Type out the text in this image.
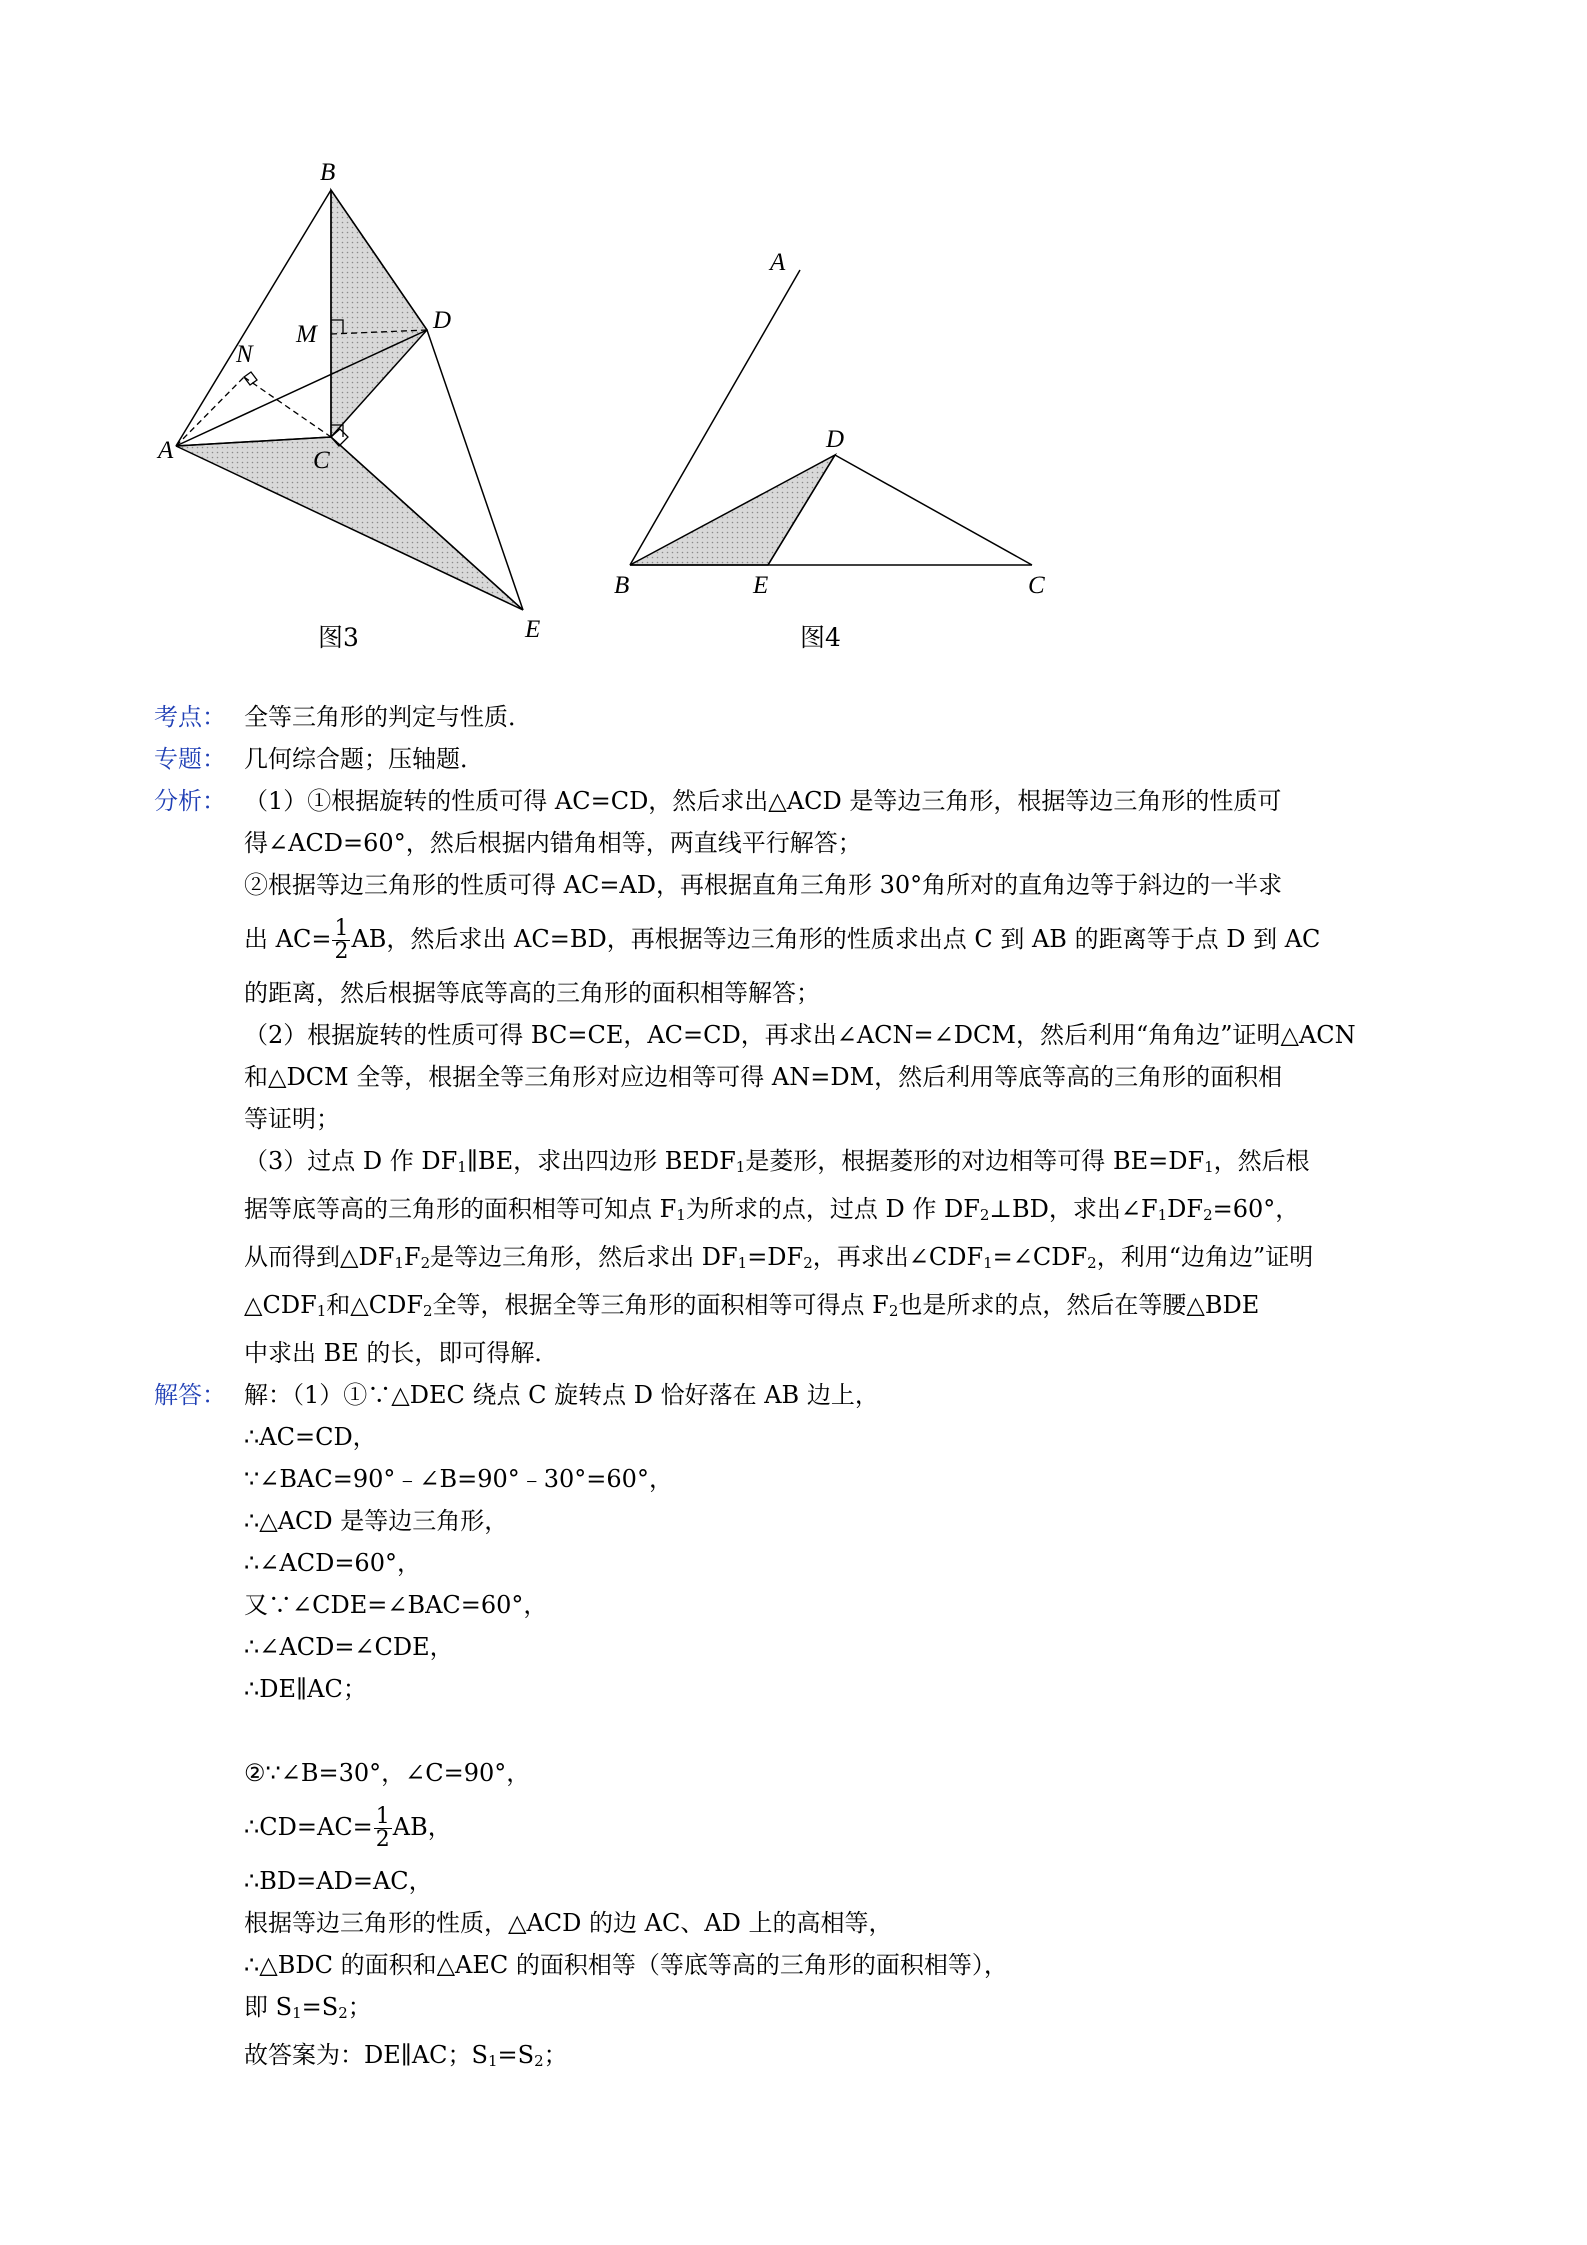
B
D
M
N
A	C
E
图3
A
D
B	E	C
图4
考点： 全等三角形的判定与性质．
专题： 几何综合题；压轴题．
分析： （1）①根据旋转的性质可得 AC=CD，然后求出△ACD 是等边三角形，根据等边三角形的性质可
得∠ACD=60°，然后根据内错角相等，两直线平行解答；
②根据等边三角形的性质可得 AC=AD，再根据直角三角形 30°角所对的直角边等于斜边的一半求
出 $AC= \frac{1}{2}$ AB，然后求出 AC=BD，再根据等边三角形的性质求出点 C 到 AB 的距离等于点 D 到 AC
的距离，然后根据等底等高的三角形的面积相等解答；
（2）根据旋转的性质可得 BC=CE，AC=CD，再求出∠ACN=∠DCM，然后利用“角角边”证明△ACN
和△DCM 全等，根据全等三角形对应边相等可得 AN=DM，然后利用等底等高的三角形的面积相
等证明；
（3）过点 D 作 $DF_1\parallel BE$，求出四边形 $BEDF_1$是菱形，根据菱形的对边相等可得 $BE=DF_1$，然后根
据等底等高的三角形的面积相等可知点 $F_1$为所求的点，过点 D 作 $DF_2\perp BD$，求出$\angle F_1DF_2=60^\circ$，
从而得到$\triangle DF_1F_2$是等边三角形，然后求出 $DF_1=DF_2$，再求出$\angle CDF_1=\angle CDF_2$，利用“边角边”证明
$\triangle CDF_1$和$\triangle CDF_2$全等，根据全等三角形的面积相等可得点 $F_2$也是所求的点，然后在等腰△BDE
中求出 BE 的长，即可得解．
解答： 解：（1）①∵△DEC 绕点 C 旋转点 D 恰好落在 AB 边上，
∴AC=CD，
∵∠BAC=90°﹣∠B=90°﹣30°=60°，
∴△ACD 是等边三角形，
∴∠ACD=60°，
又∵∠CDE=∠BAC=60°，
∴∠ACD=∠CDE，
∴DE∥AC；
②∵∠B=30°，∠C=90°，
∴CD=AC= $\frac{1}{2}$ AB，
∴BD=AD=AC，
根据等边三角形的性质，△ACD 的边 AC、AD 上的高相等，
∴△BDC 的面积和△AEC 的面积相等（等底等高的三角形的面积相等），
即 $S_1=S_2$；
故答案为：DE∥AC；$S_1=S_2$；
